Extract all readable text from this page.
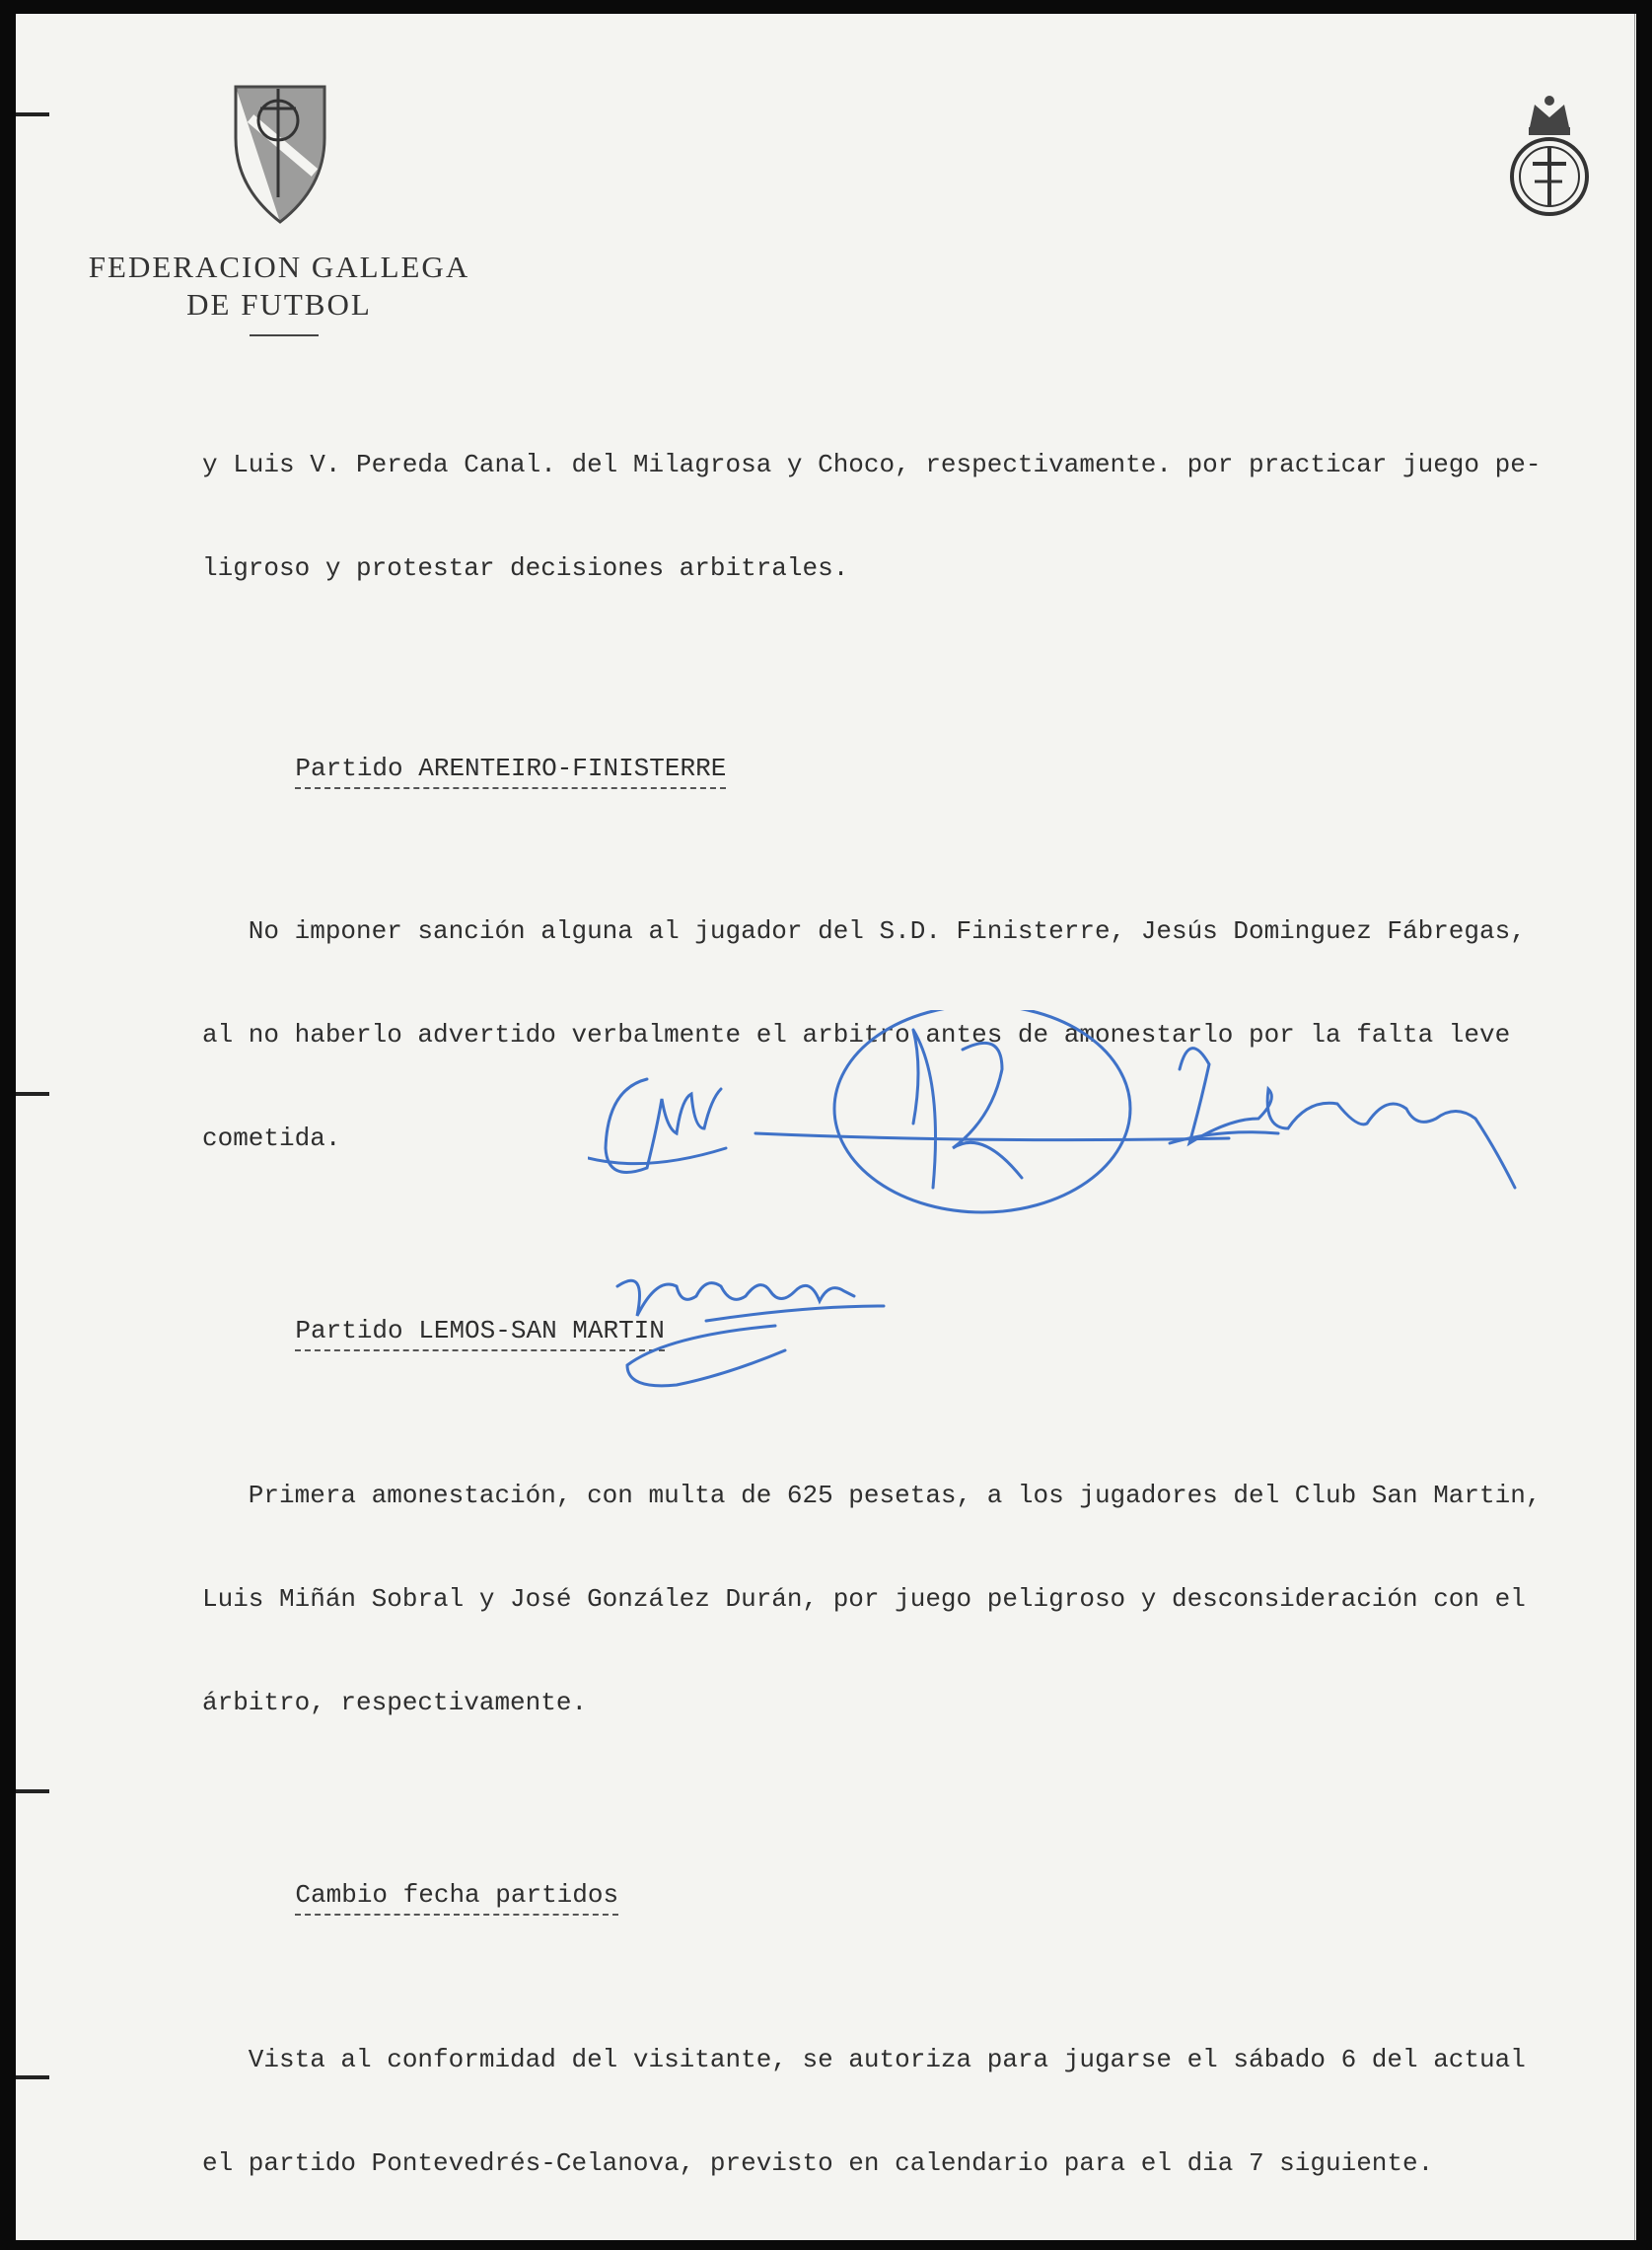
FEDERACION GALLEGA
DE FUTBOL

y Luis V. Pereda Canal. del Milagrosa y Choco, respectivamente. por practicar juego pe-

ligroso y protestar decisiones arbitrales.

Partido ARENTEIRO-FINISTERRE

No imponer sanción alguna al jugador del S.D. Finisterre, Jesús Dominguez Fábregas,

al no haberlo advertido verbalmente el arbitro antes de amonestarlo por la falta leve

cometida.

Partido LEMOS-SAN MARTIN

Primera amonestación, con multa de 625 pesetas, a los jugadores del Club San Martin,

Luis Miñán Sobral y José González Durán, por juego peligroso y desconsideración con el

árbitro, respectivamente.

Cambio fecha partidos

Vista al conformidad del visitante, se autoriza para jugarse el sábado 6 del actual

el partido Pontevedrés-Celanova, previsto en calendario para el dia 7 siguiente.
